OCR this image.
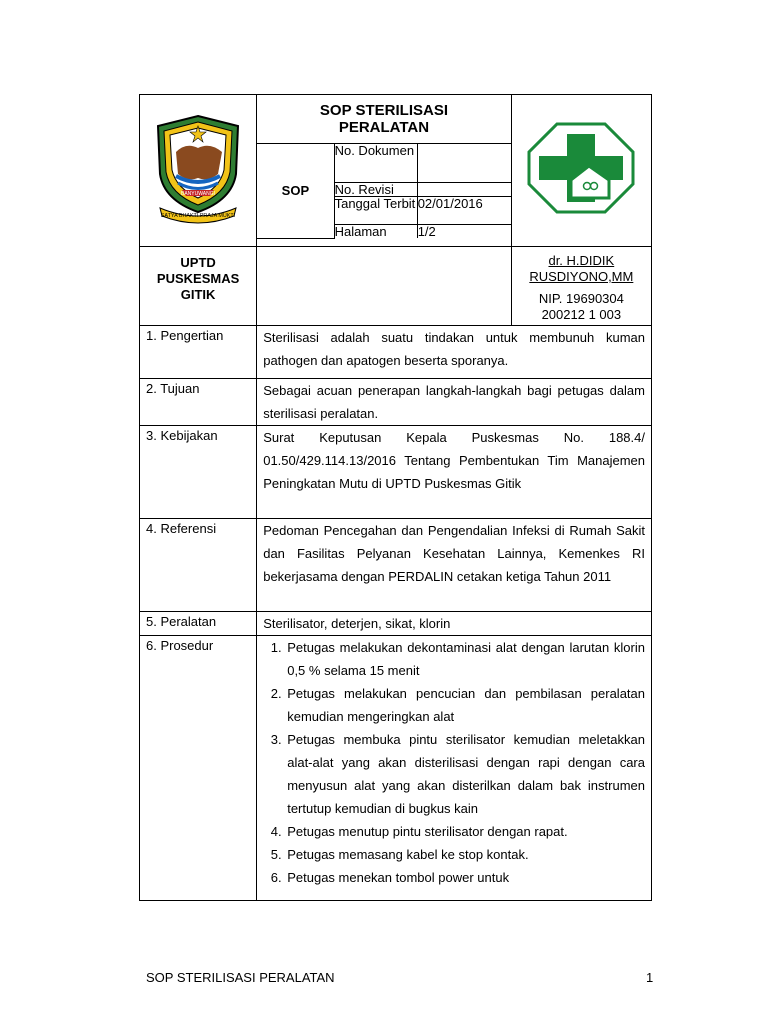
BANYUWANGI
SATYA BHAKTI PRAJA MUKTI

SOP STERILISASI
PERALATAN

SOP	No. Dokumen	
No. Revisi	
Tanggal Terbit	02/01/2016
Halaman	1/2

UPTD
PUSKESMAS
GITIK

dr. H.DIDIK RUSDIYONO,MM
NIP. 19690304
200212 1 003

1. Pengertian	Sterilisasi adalah suatu tindakan untuk membunuh kuman pathogen dan apatogen beserta sporanya.
2. Tujuan	Sebagai acuan penerapan langkah-langkah bagi petugas dalam sterilisasi peralatan.
3. Kebijakan	Surat Keputusan Kepala Puskesmas No. 188.4/ 01.50/429.114.13/2016 Tentang Pembentukan Tim Manajemen Peningkatan Mutu di UPTD Puskesmas Gitik
4. Referensi	Pedoman Pencegahan dan Pengendalian Infeksi di Rumah Sakit dan Fasilitas Pelyanan Kesehatan Lainnya, Kemenkes RI bekerjasama dengan PERDALIN cetakan ketiga Tahun 2011
5. Peralatan	Sterilisator, deterjen, sikat, klorin
6. Prosedur	
1.Petugas melakukan dekontaminasi alat dengan larutan klorin 0,5 % selama 15 menit
2. Petugas melakukan pencucian dan pembilasan peralatan kemudian mengeringkan alat
3. Petugas membuka pintu sterilisator kemudian meletakkan alat-alat yang akan disterilisasi dengan rapi dengan cara menyusun alat yang akan disterilkan dalam bak instrumen tertutup kemudian di bugkus kain
4. Petugas menutup pintu sterilisator dengan rapat.
5. Petugas memasang kabel ke stop kontak.
6. Petugas menekan tombol power untuk
SOP STERILISASI PERALATAN	1
